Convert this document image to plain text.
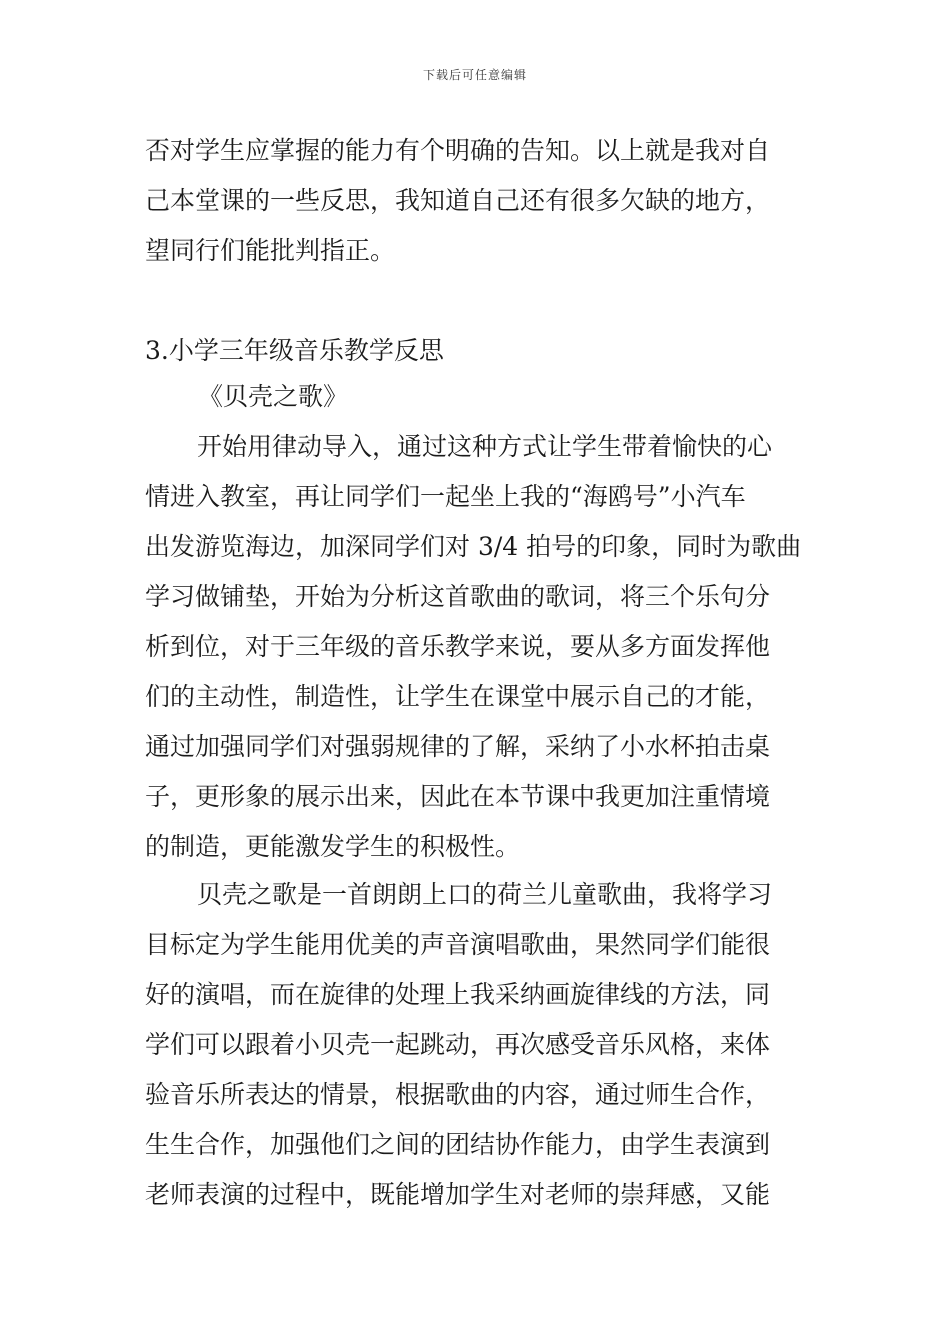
下载后可任意编辑
否对学生应掌握的能力有个明确的告知。以上就是我对自
己本堂课的一些反思，我知道自己还有很多欠缺的地方，
望同行们能批判指正。
3.小学三年级音乐教学反思
《贝壳之歌》
开始用律动导入，通过这种方式让学生带着愉快的心
情进入教室，再让同学们一起坐上我的“海鸥号”小汽车
出发游览海边，加深同学们对 3/4 拍号的印象，同时为歌曲
学习做铺垫，开始为分析这首歌曲的歌词，将三个乐句分
析到位，对于三年级的音乐教学来说，要从多方面发挥他
们的主动性，制造性，让学生在课堂中展示自己的才能，
通过加强同学们对强弱规律的了解，采纳了小水杯拍击桌
子，更形象的展示出来，因此在本节课中我更加注重情境
的制造，更能激发学生的积极性。
贝壳之歌是一首朗朗上口的荷兰儿童歌曲，我将学习
目标定为学生能用优美的声音演唱歌曲，果然同学们能很
好的演唱，而在旋律的处理上我采纳画旋律线的方法，同
学们可以跟着小贝壳一起跳动，再次感受音乐风格，来体
验音乐所表达的情景，根据歌曲的内容，通过师生合作，
生生合作，加强他们之间的团结协作能力，由学生表演到
老师表演的过程中，既能增加学生对老师的崇拜感，又能
